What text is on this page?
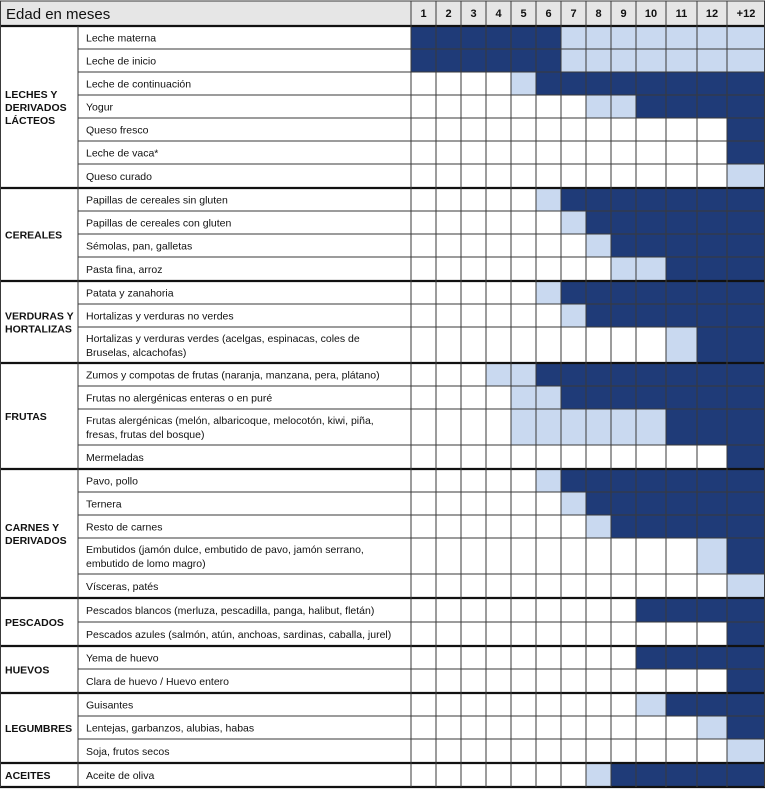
Edad en meses	1 2 3 4 5 6 7 8 9 10 11 12 +12
Leche materna
Leche de inicio
Leche de continuación
Yogur
Queso fresco
Leche de vaca*
Queso curado
LECHES Y
DERIVADOS
LÁCTEOS
Papillas de cereales sin gluten
Papillas de cereales con gluten
Sémolas, pan, galletas
Pasta fina, arroz
CEREALES
Patata y zanahoria
Hortalizas y verduras no verdes
Hortalizas y verduras verdes (acelgas, espinacas, coles de
Bruselas, alcachofas)
VERDURAS Y
HORTALIZAS
Zumos y compotas de frutas (naranja, manzana, pera, plátano)
Frutas no alergénicas enteras o en puré
Frutas alergénicas (melón, albaricoque, melocotón, kiwi, piña,
fresas, frutas del bosque)
Mermeladas
FRUTAS
Pavo, pollo
Ternera
Resto de carnes
Embutidos (jamón dulce, embutido de pavo, jamón serrano,
embutido de lomo magro)
Vísceras, patés
CARNES Y
DERIVADOS
Pescados blancos (merluza, pescadilla, panga, halibut, fletán)
Pescados azules (salmón, atún, anchoas, sardinas, caballa, jurel)
PESCADOS
Yema de huevo
Clara de huevo / Huevo entero
HUEVOS
Guisantes
Lentejas, garbanzos, alubias, habas
Soja, frutos secos
LEGUMBRES
Aceite de oliva
ACEITES
